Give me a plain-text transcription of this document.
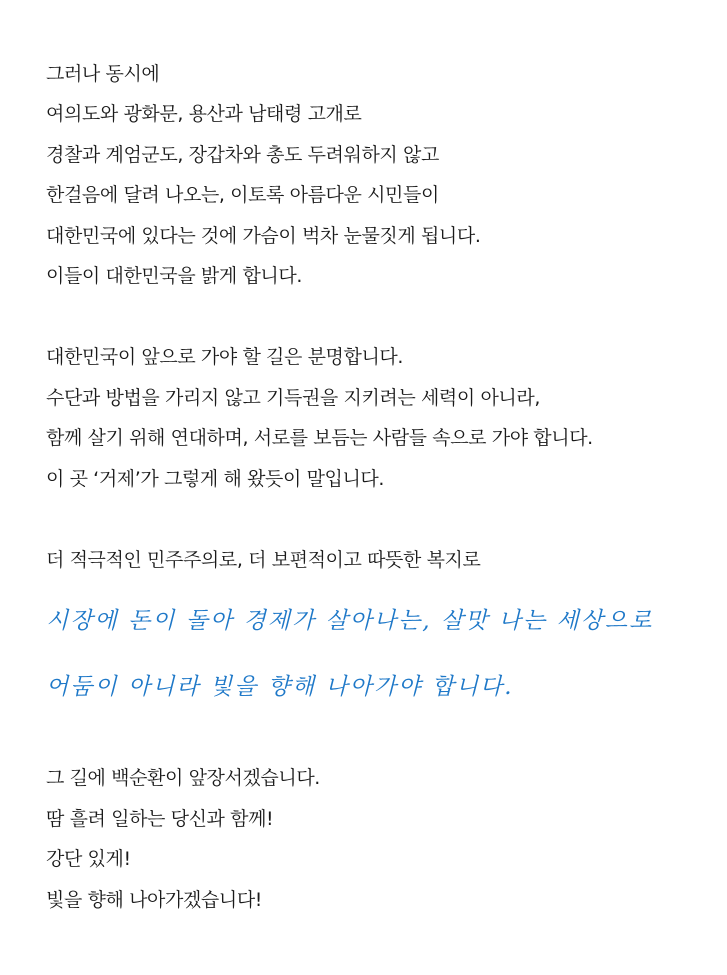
그러나 동시에
여의도와 광화문, 용산과 남태령 고개로
경찰과 계엄군도, 장갑차와 총도 두려워하지 않고
한걸음에 달려 나오는, 이토록 아름다운 시민들이
대한민국에 있다는 것에 가슴이 벅차 눈물짓게 됩니다.
이들이 대한민국을 밝게 합니다.
대한민국이 앞으로 가야 할 길은 분명합니다.
수단과 방법을 가리지 않고 기득권을 지키려는 세력이 아니라,
함께 살기 위해 연대하며, 서로를 보듬는 사람들 속으로 가야 합니다.
이 곳 ‘거제’가 그렇게 해 왔듯이 말입니다.
더 적극적인 민주주의로, 더 보편적이고 따뜻한 복지로
시장에 돈이 돌아 경제가 살아나는, 살맛 나는 세상으로
어둠이 아니라 빛을 향해 나아가야 합니다.
그 길에 백순환이 앞장서겠습니다.
땀 흘려 일하는 당신과 함께!
강단 있게!
빛을 향해 나아가겠습니다!
